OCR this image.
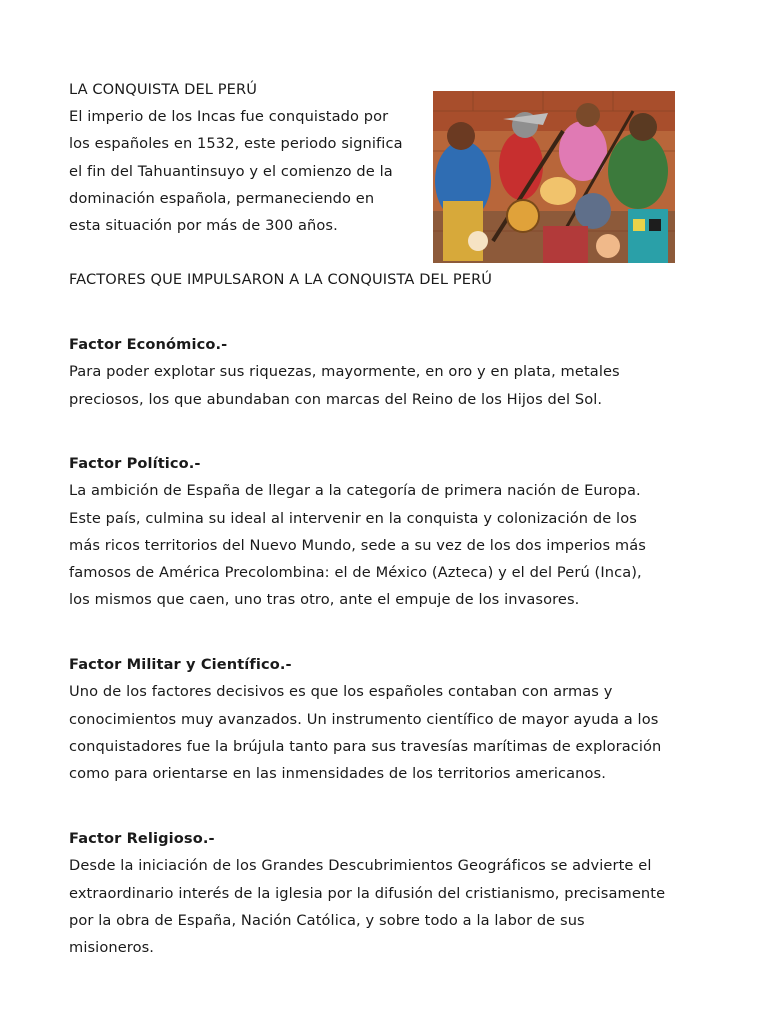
LA CONQUISTA DEL PERÚ

El imperio de los Incas fue conquistado por
los españoles en 1532, este periodo significa
el fin del Tahuantinsuyo y el comienzo de la
dominación española, permaneciendo en
esta situación por más de 300 años.

FACTORES QUE IMPULSARON A LA CONQUISTA DEL PERÚ
Factor Económico.-

Para poder explotar sus riquezas, mayormente, en oro y en plata, metales
preciosos, los que abundaban con marcas del Reino de los Hijos del Sol.

Factor Político.-

La ambición de España de llegar a la categoría de primera nación de Europa.
Este país, culmina su ideal al intervenir en la conquista y colonización de los
más ricos territorios del Nuevo Mundo, sede a su vez de los dos imperios más
famosos de América Precolombina: el de México (Azteca) y el del Perú (Inca),
los mismos que caen, uno tras otro, ante el empuje de los invasores.

Factor Militar y Científico.-

Uno de los factores decisivos es que los españoles contaban con armas y
conocimientos muy avanzados. Un instrumento científico de mayor ayuda a los
conquistadores fue la brújula tanto para sus travesías marítimas de exploración
como para orientarse en las inmensidades de los territorios americanos.

Factor Religioso.-

Desde la iniciación de los Grandes Descubrimientos Geográficos se advierte el
extraordinario interés de la iglesia por la difusión del cristianismo, precisamente
por la obra de España, Nación Católica, y sobre todo a la labor de sus
misioneros.
